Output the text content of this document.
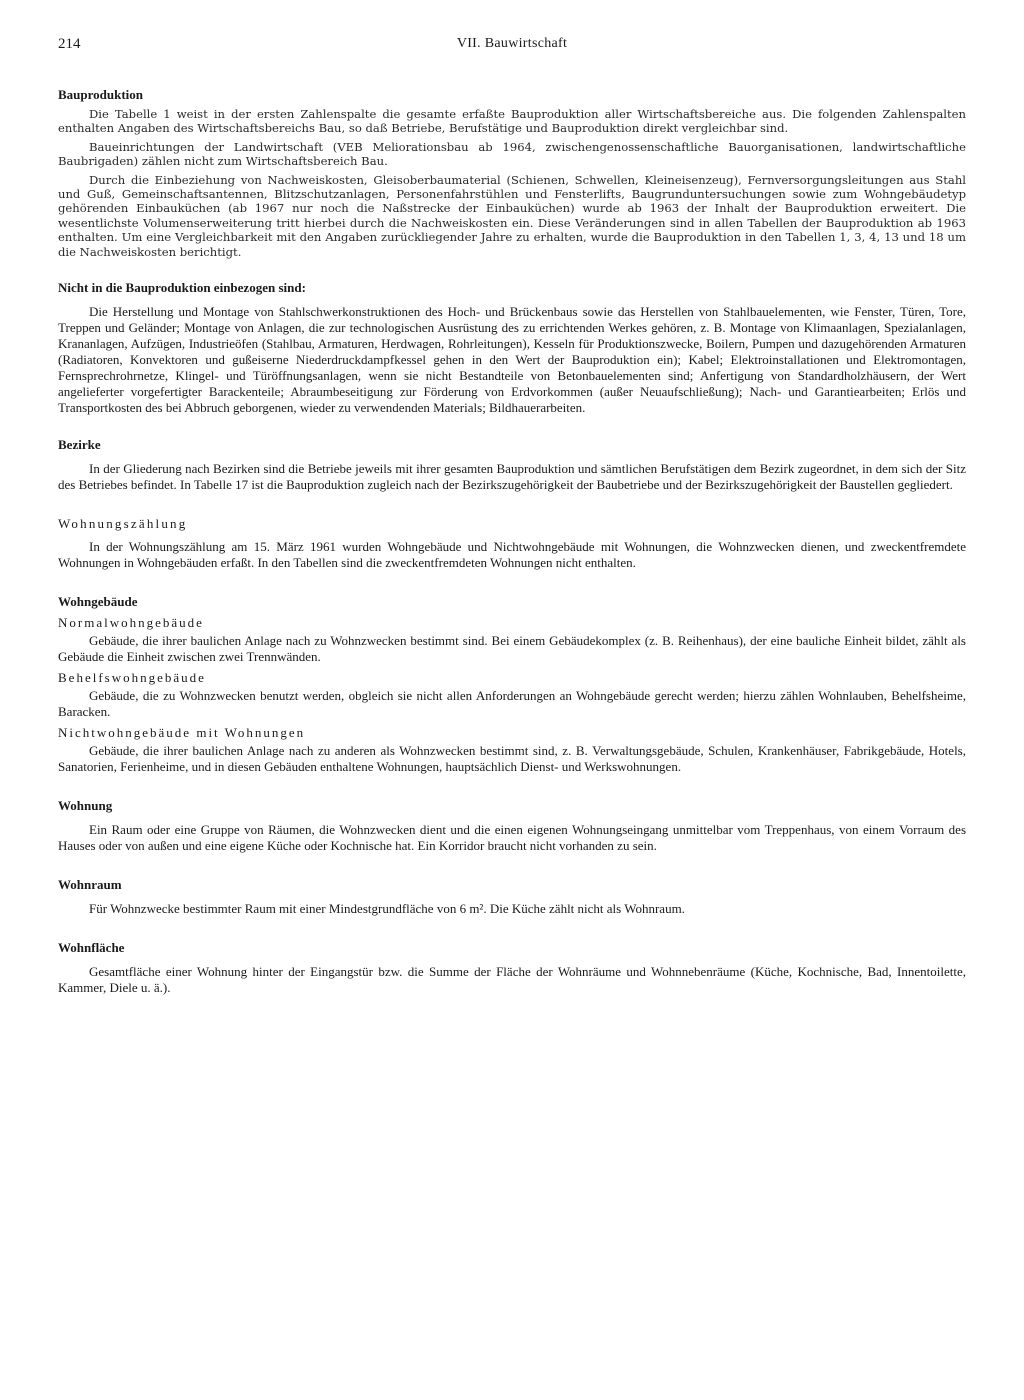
214	VII. Bauwirtschaft
Bauproduktion

Die Tabelle 1 weist in der ersten Zahlenspalte die gesamte erfaßte Bauproduktion aller Wirtschaftsbereiche aus. Die folgenden Zahlenspalten enthalten Angaben des Wirtschaftsbereichs Bau, so daß Betriebe, Berufstätige und Bauproduktion direkt vergleichbar sind.

Baueinrichtungen der Landwirtschaft (VEB Meliorationsbau ab 1964, zwischengenossenschaftliche Bauorganisationen, landwirtschaftliche Baubrigaden) zählen nicht zum Wirtschaftsbereich Bau.

Durch die Einbeziehung von Nachweiskosten, Gleisoberbaumaterial (Schienen, Schwellen, Kleineisenzeug), Fernversorgungsleitungen aus Stahl und Guß, Gemeinschaftsantennen, Blitzschutzanlagen, Personenfahrstühlen und Fensterlifts, Baugrunduntersuchungen sowie zum Wohngebäudetyp gehörenden Einbauküchen (ab 1967 nur noch die Naßstrecke der Einbauküchen) wurde ab 1963 der Inhalt der Bauproduktion erweitert. Die wesentlichste Volumenserweiterung tritt hierbei durch die Nachweiskosten ein. Diese Veränderungen sind in allen Tabellen der Bauproduktion ab 1963 enthalten. Um eine Vergleichbarkeit mit den Angaben zurückliegender Jahre zu erhalten, wurde die Bauproduktion in den Tabellen 1, 3, 4, 13 und 18 um die Nachweiskosten berichtigt.

Nicht in die Bauproduktion einbezogen sind:

Die Herstellung und Montage von Stahlschwerkonstruktionen des Hoch- und Brückenbaus sowie das Herstellen von Stahlbauelementen, wie Fenster, Türen, Tore, Treppen und Geländer; Montage von Anlagen, die zur technologischen Ausrüstung des zu errichtenden Werkes gehören, z. B. Montage von Klimaanlagen, Spezialanlagen, Krananlagen, Aufzügen, Industrieöfen (Stahlbau, Armaturen, Herdwagen, Rohrleitungen), Kesseln für Produktionszwecke, Boilern, Pumpen und dazugehörenden Armaturen (Radiatoren, Konvektoren und gußeiserne Niederdruckdampfkessel gehen in den Wert der Bauproduktion ein); Kabel; Elektroinstallationen und Elektromontagen, Fernsprechrohrnetze, Klingel- und Türöffnungsanlagen, wenn sie nicht Bestandteile von Betonbauelementen sind; Anfertigung von Standardholzhäusern, der Wert angelieferter vorgefertigter Barackenteile; Abraumbeseitigung zur Förderung von Erdvorkommen (außer Neuaufschließung); Nach- und Garantiearbeiten; Erlös und Transportkosten des bei Abbruch geborgenen, wieder zu verwendenden Materials; Bildhauerarbeiten.

Bezirke

In der Gliederung nach Bezirken sind die Betriebe jeweils mit ihrer gesamten Bauproduktion und sämtlichen Berufstätigen dem Bezirk zugeordnet, in dem sich der Sitz des Betriebes befindet. In Tabelle 17 ist die Bauproduktion zugleich nach der Bezirkszugehörigkeit der Baubetriebe und der Bezirkszugehörigkeit der Baustellen gegliedert.

Wohnungszählung

In der Wohnungszählung am 15. März 1961 wurden Wohngebäude und Nichtwohngebäude mit Wohnungen, die Wohnzwecken dienen, und zweckentfremdete Wohnungen in Wohngebäuden erfaßt. In den Tabellen sind die zweckentfremdeten Wohnungen nicht enthalten.

Wohngebäude
Normalwohngebäude

Gebäude, die ihrer baulichen Anlage nach zu Wohnzwecken bestimmt sind. Bei einem Gebäudekomplex (z. B. Reihenhaus), der eine bauliche Einheit bildet, zählt als Gebäude die Einheit zwischen zwei Trennwänden.

Behelfswohngebäude

Gebäude, die zu Wohnzwecken benutzt werden, obgleich sie nicht allen Anforderungen an Wohngebäude gerecht werden; hierzu zählen Wohnlauben, Behelfsheime, Baracken.

Nichtwohngebäude mit Wohnungen

Gebäude, die ihrer baulichen Anlage nach zu anderen als Wohnzwecken bestimmt sind, z. B. Verwaltungsgebäude, Schulen, Krankenhäuser, Fabrikgebäude, Hotels, Sanatorien, Ferienheime, und in diesen Gebäuden enthaltene Wohnungen, hauptsächlich Dienst- und Werkswohnungen.

Wohnung

Ein Raum oder eine Gruppe von Räumen, die Wohnzwecken dient und die einen eigenen Wohnungseingang unmittelbar vom Treppenhaus, von einem Vorraum des Hauses oder von außen und eine eigene Küche oder Kochnische hat. Ein Korridor braucht nicht vorhanden zu sein.

Wohnraum

Für Wohnzwecke bestimmter Raum mit einer Mindestgrundfläche von 6 m². Die Küche zählt nicht als Wohnraum.

Wohnfläche

Gesamtfläche einer Wohnung hinter der Eingangstür bzw. die Summe der Fläche der Wohnräume und Wohnnebenräume (Küche, Kochnische, Bad, Innentoilette, Kammer, Diele u. ä.).
